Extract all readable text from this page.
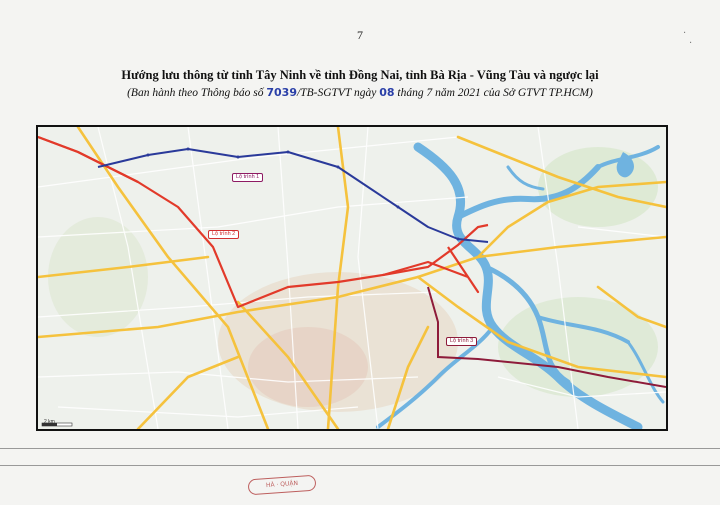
7	·
·
Hướng lưu thông từ tỉnh Tây Ninh về tỉnh Đồng Nai, tỉnh Bà Rịa - Vũng Tàu và ngược lại
(Ban hành theo Thông báo số 7039/TB-SGTVT ngày 08 tháng 7 năm 2021 của Sở GTVT TP.HCM)
Lộ trình 1
Lộ trình 2
Lộ trình 3
2 km
HÀ · QUẬN
